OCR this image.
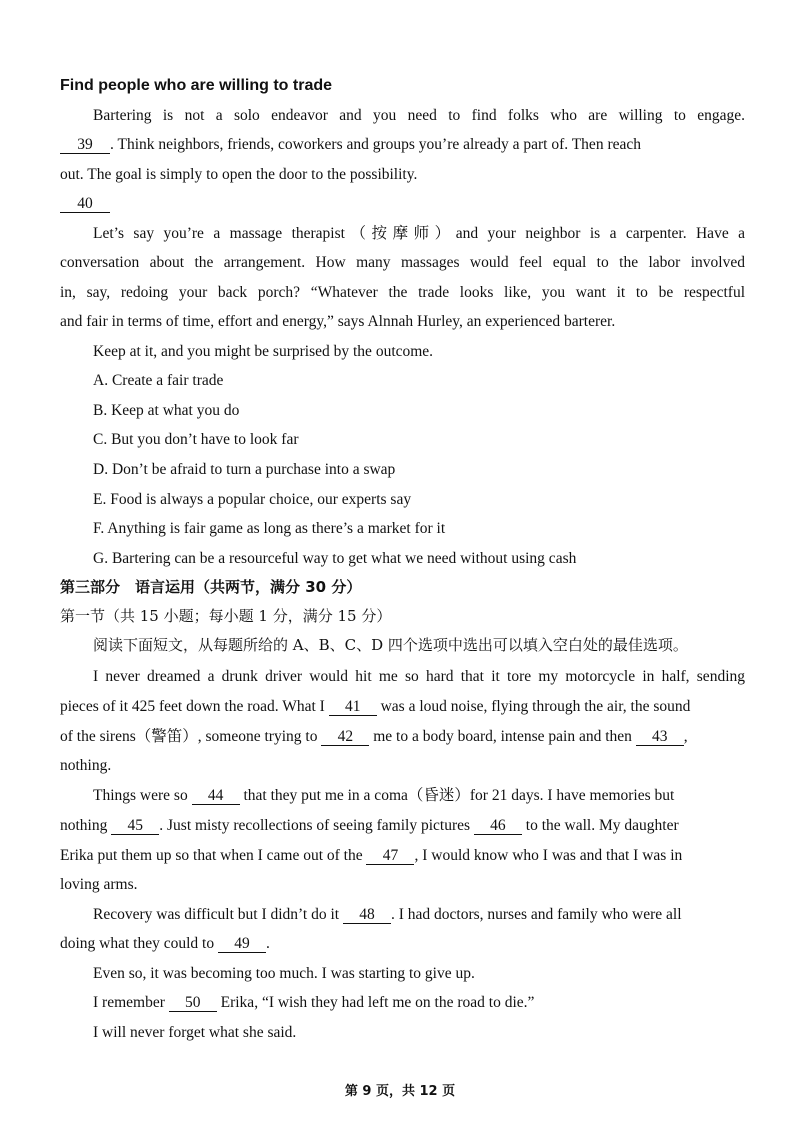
Find people who are willing to trade
Bartering is not a solo endeavor and you need to find folks who are willing to engage.
39 . Think neighbors, friends, coworkers and groups you’re already a part of. Then reach
out. The goal is simply to open the door to the possibility.
40
Let’s say you’re a massage therapist（按摩师）and your neighbor is a carpenter. Have a
conversation about the arrangement. How many massages would feel equal to the labor involved
in, say, redoing your back porch? “Whatever the trade looks like, you want it to be respectful
and fair in terms of time, effort and energy,” says Alnnah Hurley, an experienced barterer.
Keep at it, and you might be surprised by the outcome.
A. Create a fair trade
B. Keep at what you do
C. But you don’t have to look far
D. Don’t be afraid to turn a purchase into a swap
E. Food is always a popular choice, our experts say
F. Anything is fair game as long as there’s a market for it
G. Bartering can be a resourceful way to get what we need without using cash
第三部分　语言运用（共两节，满分 30 分）
第一节（共 15 小题；每小题 1 分，满分 15 分）
阅读下面短文，从每题所给的 A、B、C、D 四个选项中选出可以填入空白处的最佳选项。
I never dreamed a drunk driver would hit me so hard that it tore my motorcycle in half, sending
pieces of it 425 feet down the road. What I 41 was a loud noise, flying through the air, the sound
of the sirens（警笛）, someone trying to 42 me to a body board, intense pain and then 43 ,
nothing.
Things were so 44 that they put me in a coma（昏迷）for 21 days. I have memories but
nothing 45 . Just misty recollections of seeing family pictures 46 to the wall. My daughter
Erika put them up so that when I came out of the 47 , I would know who I was and that I was in
loving arms.
Recovery was difficult but I didn’t do it 48 . I had doctors, nurses and family who were all
doing what they could to 49 .
Even so, it was becoming too much. I was starting to give up.
I remember 50 Erika, “I wish they had left me on the road to die.”
I will never forget what she said.
第 9 页，共 12 页
